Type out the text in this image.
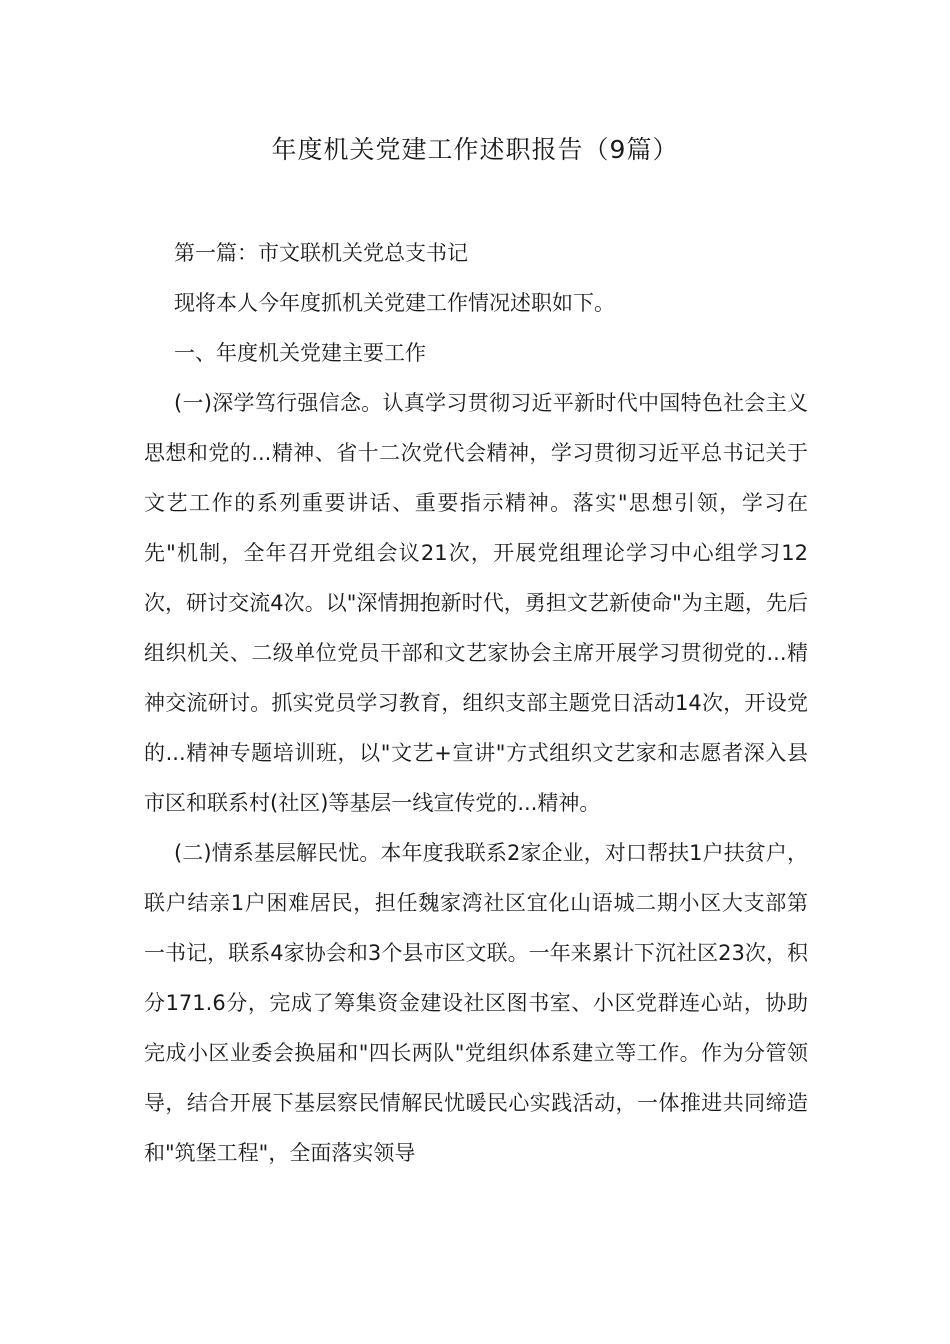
年度机关党建工作述职报告（9篇）

第一篇：市文联机关党总支书记

现将本人今年度抓机关党建工作情况述职如下。

一、年度机关党建主要工作

(一)深学笃行强信念。认真学习贯彻习近平新时代中国特色社会主义思想和党的...精神、省十二次党代会精神，学习贯彻习近平总书记关于文艺工作的系列重要讲话、重要指示精神。落实"思想引领，学习在先"机制，全年召开党组会议21次，开展党组理论学习中心组学习12次，研讨交流4次。以"深情拥抱新时代，勇担文艺新使命"为主题，先后组织机关、二级单位党员干部和文艺家协会主席开展学习贯彻党的...精神交流研讨。抓实党员学习教育，组织支部主题党日活动14次，开设党的...精神专题培训班，以"文艺+宣讲"方式组织文艺家和志愿者深入县市区和联系村(社区)等基层一线宣传党的...精神。

(二)情系基层解民忧。本年度我联系2家企业，对口帮扶1户扶贫户，联户结亲1户困难居民，担任魏家湾社区宜化山语城二期小区大支部第一书记，联系4家协会和3个县市区文联。一年来累计下沉社区23次，积分171.6分，完成了筹集资金建设社区图书室、小区党群连心站，协助完成小区业委会换届和"四长两队"党组织体系建立等工作。作为分管领导，结合开展下基层察民情解民忧暖民心实践活动，一体推进共同缔造和"筑堡工程"，全面落实领导
